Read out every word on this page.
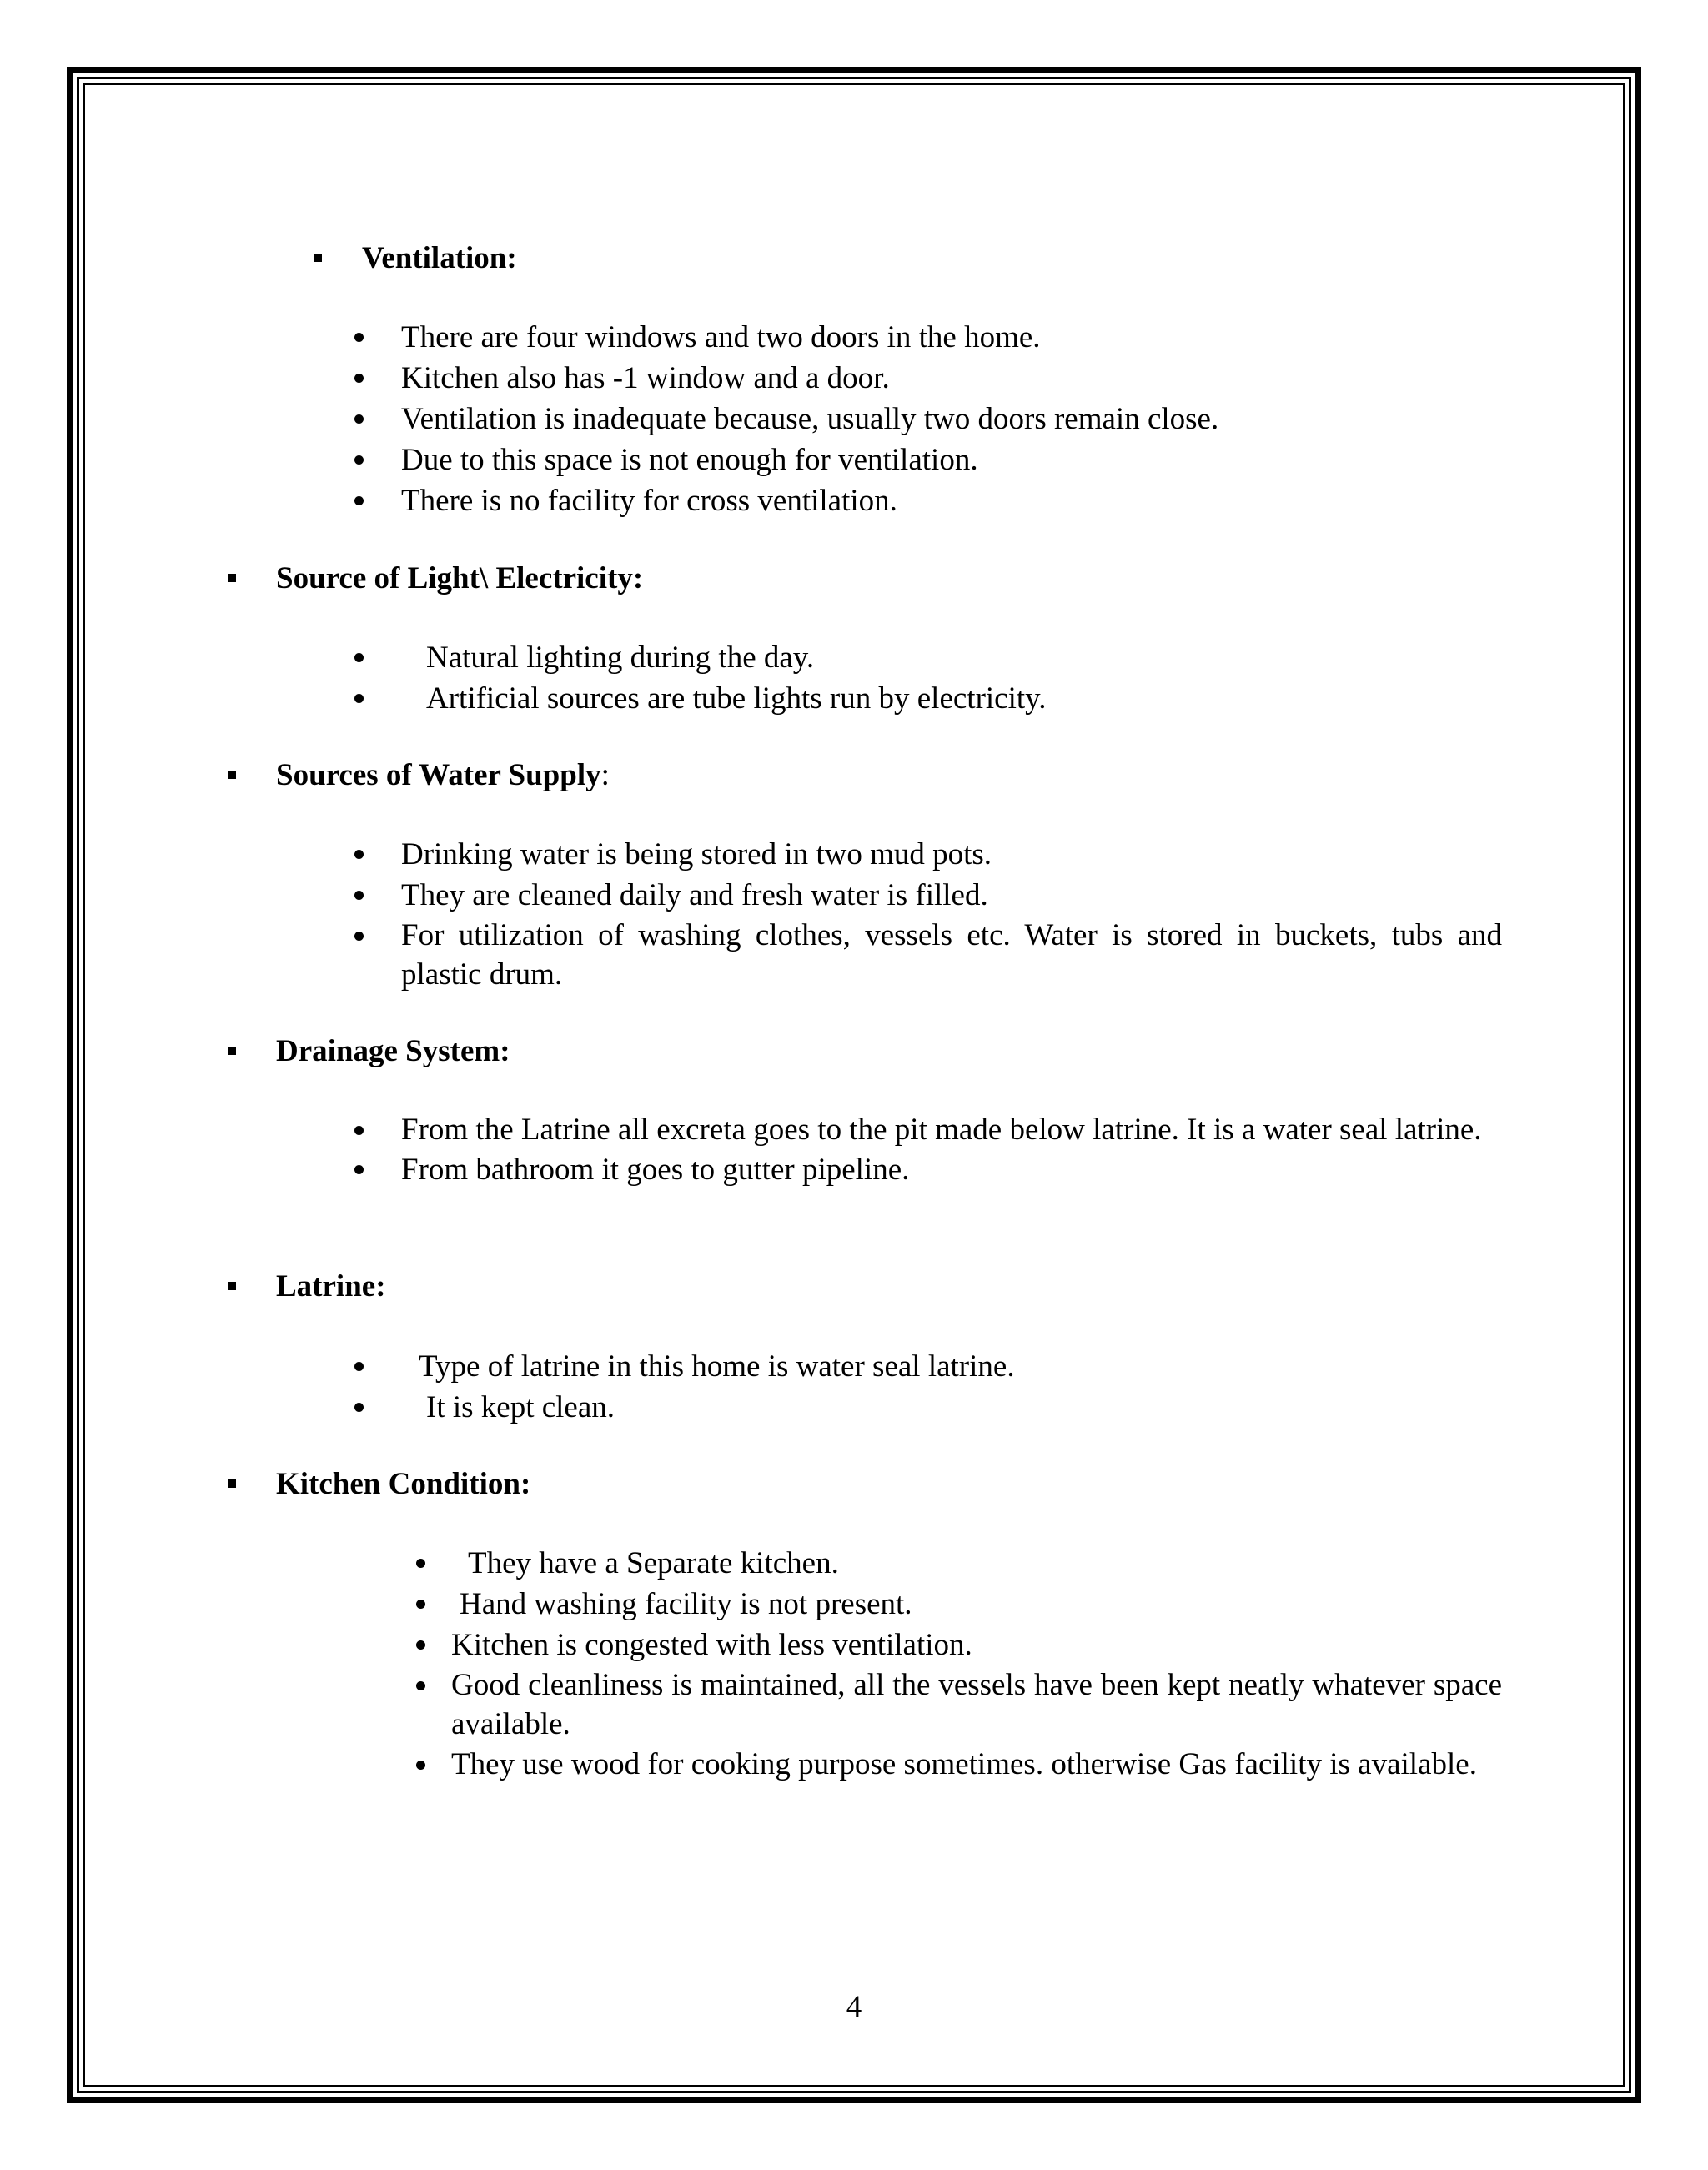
Ventilation:
There are four windows and two doors in the home.
Kitchen also has -1 window and a door.
Ventilation is inadequate because, usually two doors remain close.
Due to this space is not enough for ventilation.
There is no facility for cross ventilation.
Source of Light\ Electricity:
Natural lighting during the day.
Artificial sources are tube lights run by electricity.
Sources of Water Supply:
Drinking water is being stored in two mud pots.
They are cleaned daily and fresh water is filled.
For utilization of washing clothes, vessels etc. Water is stored in buckets, tubs and plastic drum.
Drainage System:
From the Latrine all excreta goes to the pit made below latrine. It is a water seal latrine.
From bathroom it goes to gutter pipeline.
Latrine:
Type of latrine in this home is water seal latrine.
It is kept clean.
Kitchen Condition:
They have a Separate kitchen.
Hand washing facility is not present.
Kitchen is congested with less ventilation.
Good cleanliness is maintained, all the vessels have been kept neatly whatever space available.
They use wood for cooking purpose sometimes. otherwise Gas facility is available.
4
